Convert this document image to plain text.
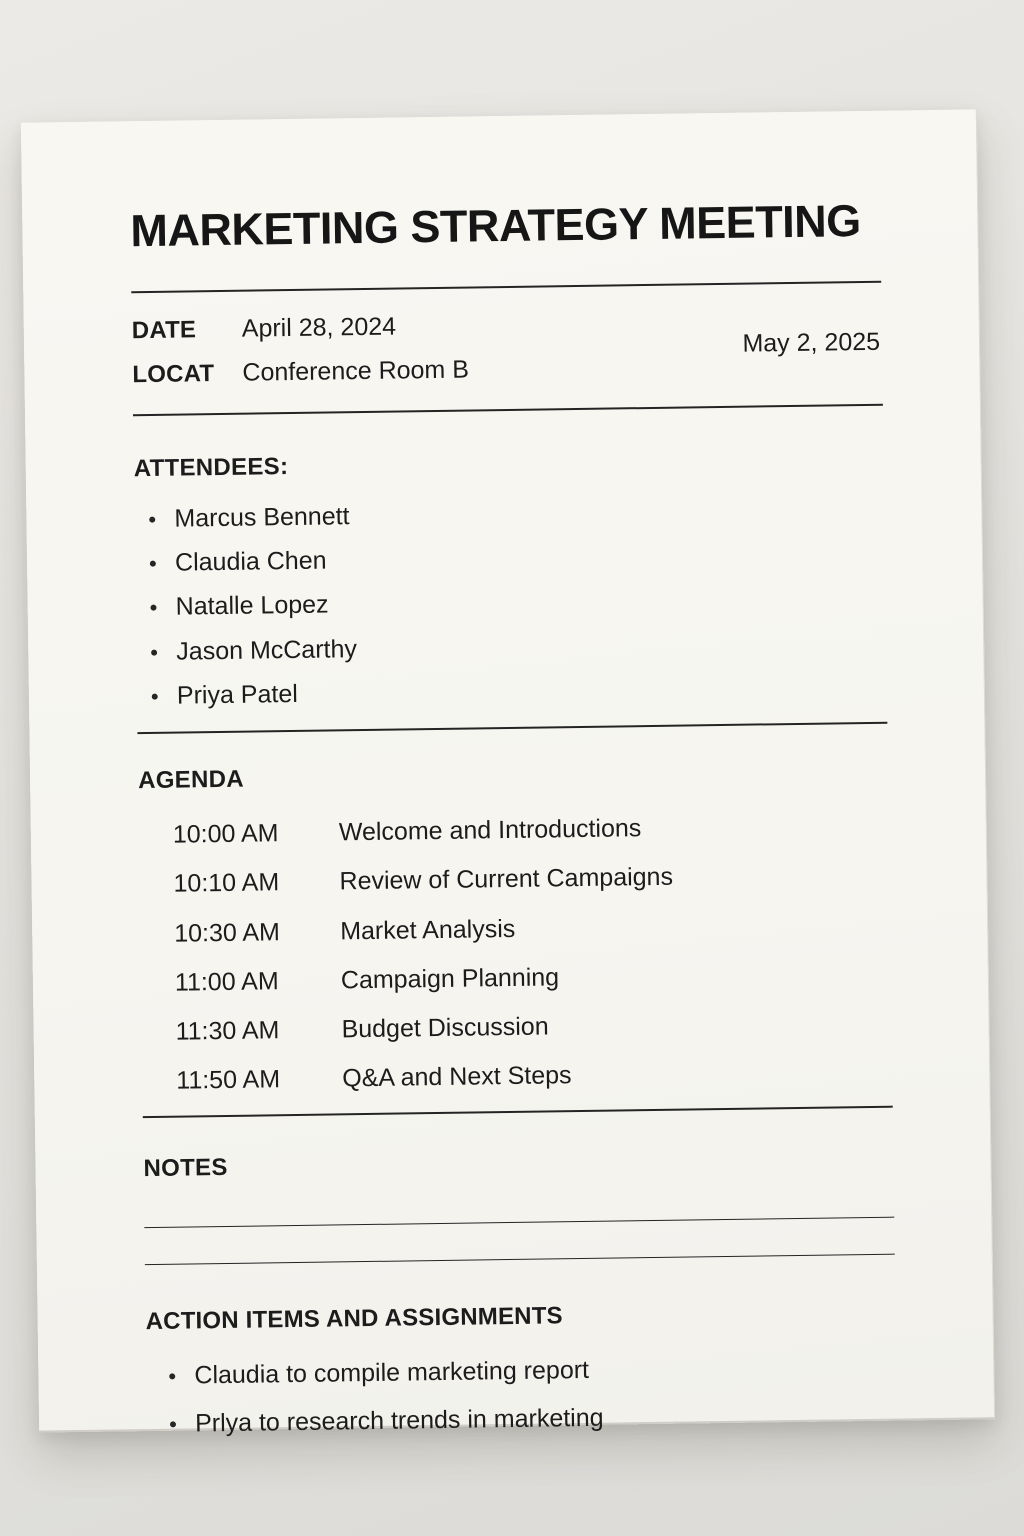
MARKETING STRATEGY MEETING
DATE	April 28, 2024
LOCAT	Conference Room B
May 2, 2025
ATTENDEES:
• Marcus Bennett
• Claudia Chen
• Natalle Lopez
• Jason McCarthy
• Priya Patel
AGENDA
10:00 AM	Welcome and Introductions
10:10 AM	Review of Current Campaigns
10:30 AM	Market Analysis
11:00 AM	Campaign Planning
11:30 AM	Budget Discussion
11:50 AM	Q&A and Next Steps
NOTES
ACTION ITEMS AND ASSIGNMENTS
• Claudia to compile marketing report
• Prlya to research trends in marketing
